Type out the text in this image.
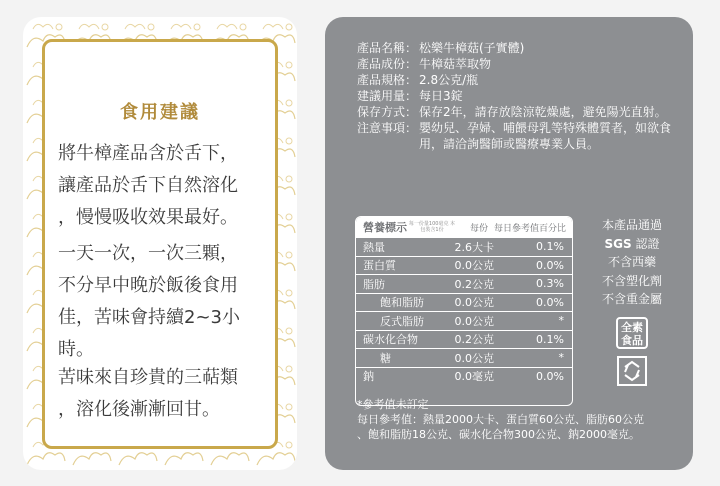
食用建議
將牛樟產品含於舌下，
讓產品於舌下自然溶化
，慢慢吸收效果最好。
一天一次，一次三顆，
不分早中晚於飯後食用
佳，苦味會持續2~3小
時。
苦味來自珍貴的三萜類
，溶化後漸漸回甘。
產品名稱： 松樂牛樟菇(子實體)
產品成份： 牛樟菇萃取物
產品規格： 2.8公克/瓶
建議用量： 每日3錠
保存方式： 保存2年，請存放陰涼乾燥處，避免陽光直射。
注意事項： 嬰幼兒、孕婦、哺餵母乳等特殊體質者，如欲食用，請洽詢醫師或醫療專業人員。
營養標示 每一份量100毫克 本包裝含1份	每份 每日參考值百分比
熱量	2.6大卡	0.1%
蛋白質	0.0公克	0.0%
脂肪	0.2公克	0.3%
飽和脂肪	0.0公克	0.0%
反式脂肪	0.0公克	*
碳水化合物	0.2公克	0.1%
糖	0.0公克	*
鈉	0.0毫克	0.0%
本產品通過
SGS 認證
不含西藥
不含塑化劑
不含重金屬
全素
食品
*參考值未訂定
每日參考值：熱量2000大卡、蛋白質60公克、脂肪60公克
、飽和脂肪18公克、碳水化合物300公克、鈉2000毫克。
